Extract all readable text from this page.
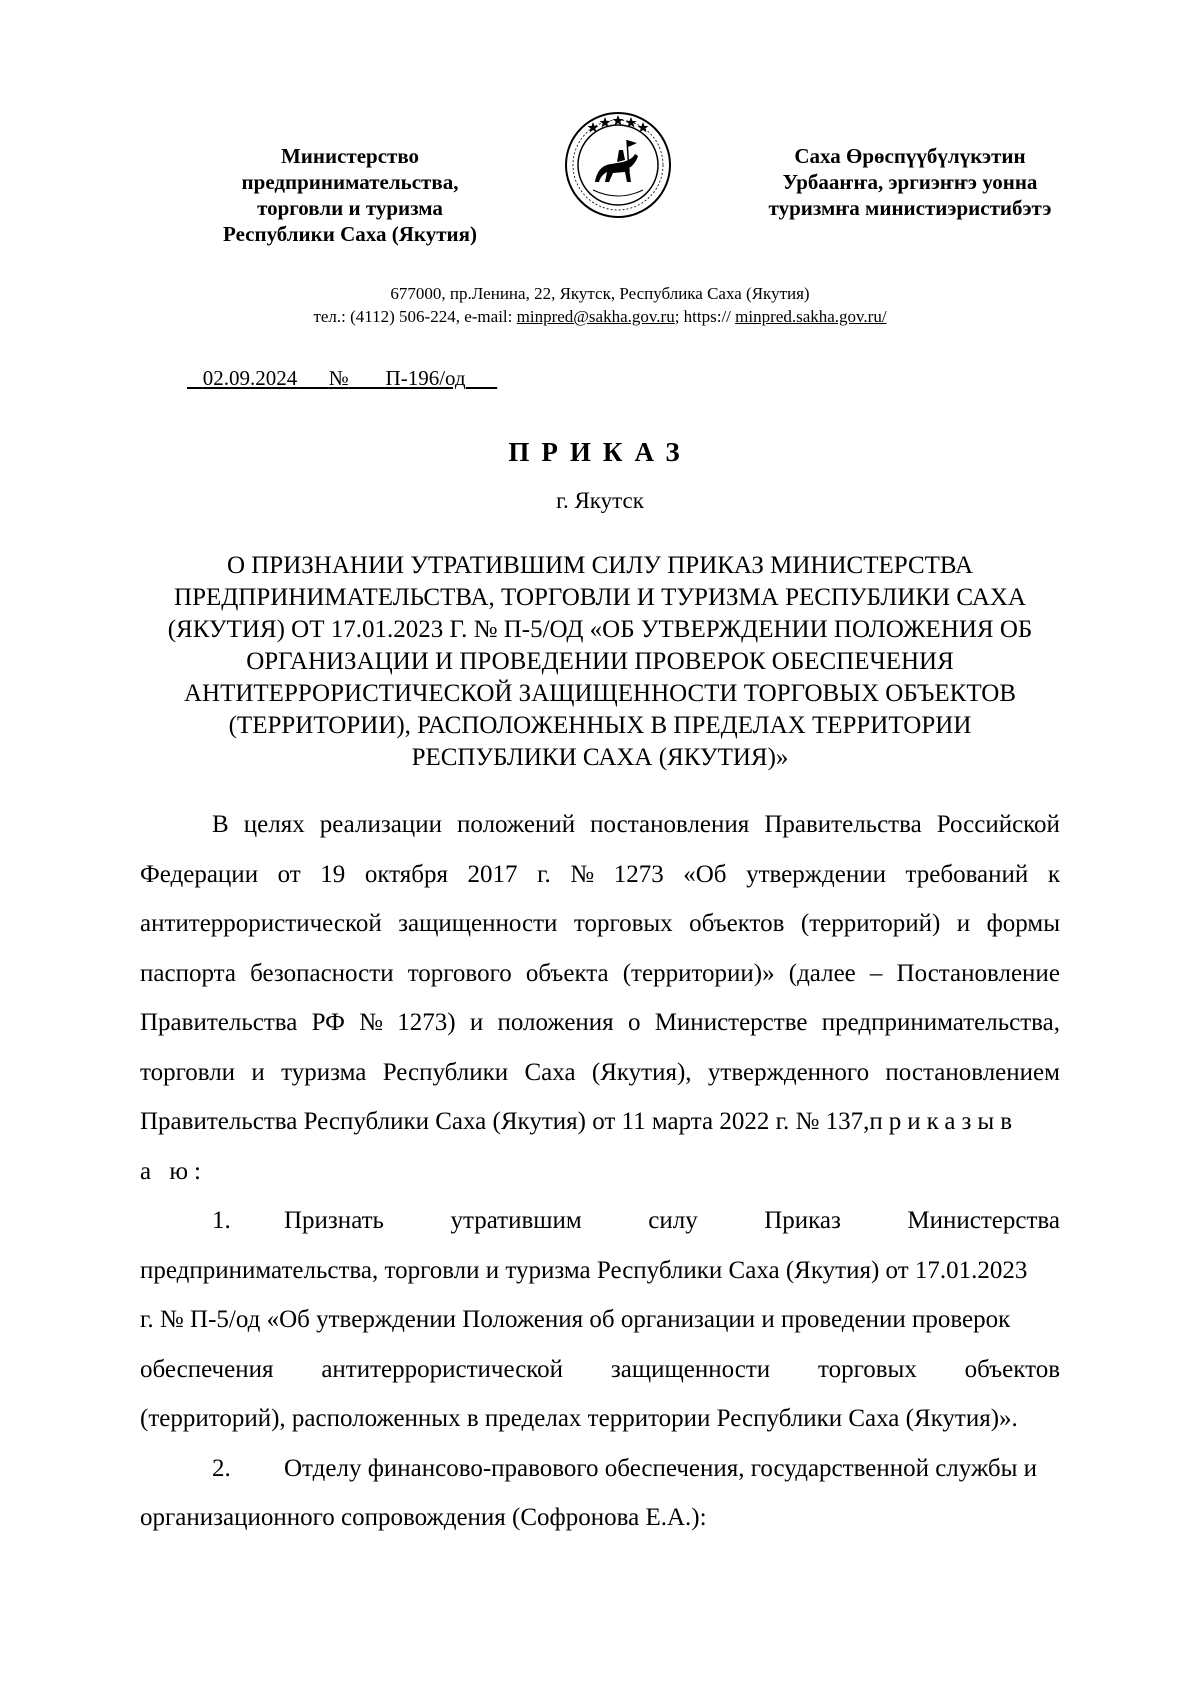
Министерство
предпринимательства,
торговли и туризма
Республики Саха (Якутия)
Саха Өрөспүүбүлүкэтин
Урбааҥҥа, эргиэҥҥэ уонна
туризмҥа министиэристибэтэ
677000, пр.Ленина, 22, Якутск, Республика Саха (Якутия)
тел.: (4112) 506-224, e-mail: minpred@sakha.gov.ru; https:// minpred.sakha.gov.ru/
02.09.2024 № П-196/од
ПРИКАЗ
г. Якутск
О ПРИЗНАНИИ УТРАТИВШИМ СИЛУ ПРИКАЗ МИНИСТЕРСТВА
ПРЕДПРИНИМАТЕЛЬСТВА, ТОРГОВЛИ И ТУРИЗМА РЕСПУБЛИКИ САХА
(ЯКУТИЯ) ОТ 17.01.2023 Г. № П-5/ОД «ОБ УТВЕРЖДЕНИИ ПОЛОЖЕНИЯ ОБ
ОРГАНИЗАЦИИ И ПРОВЕДЕНИИ ПРОВЕРОК ОБЕСПЕЧЕНИЯ
АНТИТЕРРОРИСТИЧЕСКОЙ ЗАЩИЩЕННОСТИ ТОРГОВЫХ ОБЪЕКТОВ
(ТЕРРИТОРИИ), РАСПОЛОЖЕННЫХ В ПРЕДЕЛАХ ТЕРРИТОРИИ
РЕСПУБЛИКИ САХА (ЯКУТИЯ)»
В целях реализации положений постановления Правительства Российской
Федерации от 19 октября 2017 г. № 1273 «Об утверждении требований к
антитеррористической защищенности торговых объектов (территорий) и формы
паспорта безопасности торгового объекта (территории)» (далее – Постановление
Правительства РФ № 1273) и положения о Министерстве предпринимательства,
торговли и туризма Республики Саха (Якутия), утвержденного постановлением
Правительства Республики Саха (Якутия) от 11 марта 2022 г. № 137, приказыв
а ю:
1.	Признать	утратившим	силу	Приказ	Министерства
предпринимательства, торговли и туризма Республики Саха (Якутия) от 17.01.2023
г. № П-5/од «Об утверждении Положения об организации и проведении проверок
обеспечения антитеррористической защищенности торговых объектов
(территорий), расположенных в пределах территории Республики Саха (Якутия)».
2.	Отделу финансово-правового обеспечения, государственной службы и
организационного сопровождения (Софронова Е.А.):
